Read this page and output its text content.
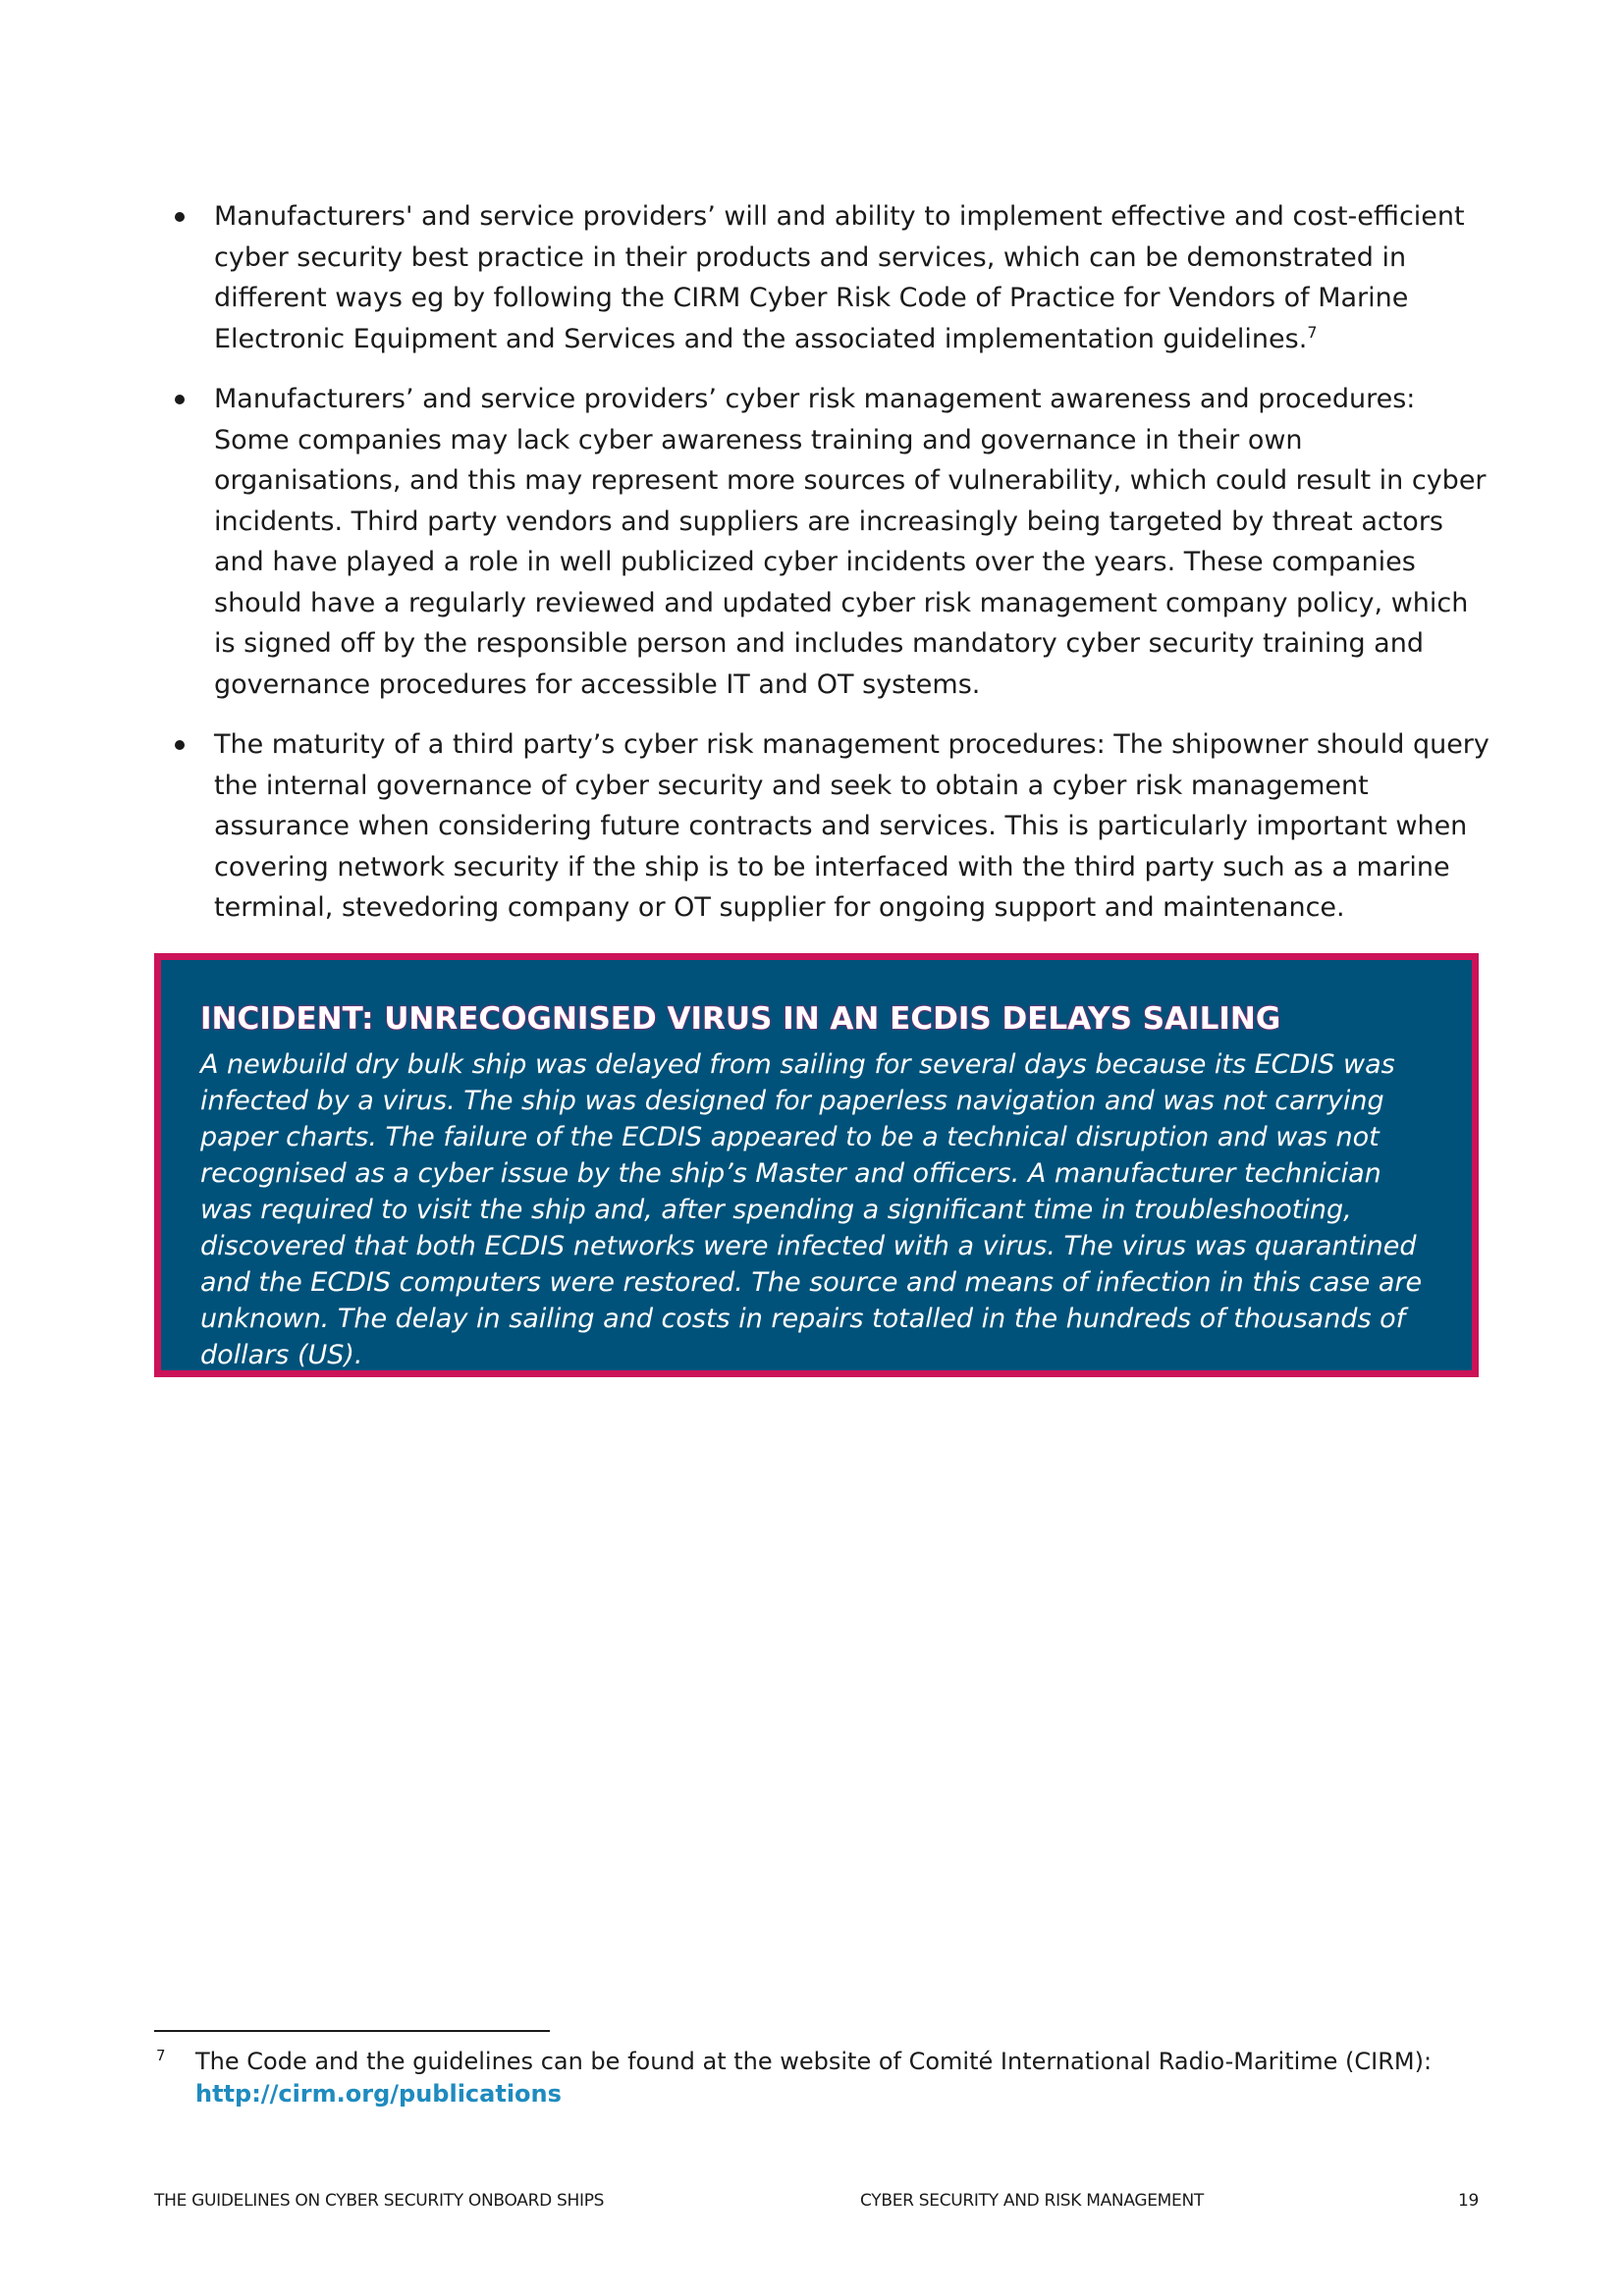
Manufacturers' and service providers’ will and ability to implement effective and cost-efficient cyber security best practice in their products and services, which can be demonstrated in different ways eg by following the CIRM Cyber Risk Code of Practice for Vendors of Marine Electronic Equipment and Services and the associated implementation guidelines.$^7$
Manufacturers’ and service providers’ cyber risk management awareness and procedures: Some companies may lack cyber awareness training and governance in their own organisations, and this may represent more sources of vulnerability, which could result in cyber incidents. Third party vendors and suppliers are increasingly being targeted by threat actors and have played a role in well publicized cyber incidents over the years. These companies should have a regularly reviewed and updated cyber risk management company policy, which is signed off by the responsible person and includes mandatory cyber security training and governance procedures for accessible IT and OT systems.
The maturity of a third party’s cyber risk management procedures: The shipowner should query the internal governance of cyber security and seek to obtain a cyber risk management assurance when considering future contracts and services. This is particularly important when covering network security if the ship is to be interfaced with the third party such as a marine terminal, stevedoring company or OT supplier for ongoing support and maintenance.
INCIDENT: UNRECOGNISED VIRUS IN AN ECDIS DELAYS SAILING

A newbuild dry bulk ship was delayed from sailing for several days because its ECDIS was infected by a virus. The ship was designed for paperless navigation and was not carrying paper charts. The failure of the ECDIS appeared to be a technical disruption and was not recognised as a cyber issue by the ship’s Master and officers. A manufacturer technician was required to visit the ship and, after spending a significant time in troubleshooting, discovered that both ECDIS networks were infected with a virus. The virus was quarantined and the ECDIS computers were restored. The source and means of infection in this case are unknown. The delay in sailing and costs in repairs totalled in the hundreds of thousands of dollars (US).

7 The Code and the guidelines can be found at the website of Comité International Radio-Maritime (CIRM):
http://cirm.org/publications
THE GUIDELINES ON CYBER SECURITY ONBOARD SHIPS	CYBER SECURITY AND RISK MANAGEMENT	19
